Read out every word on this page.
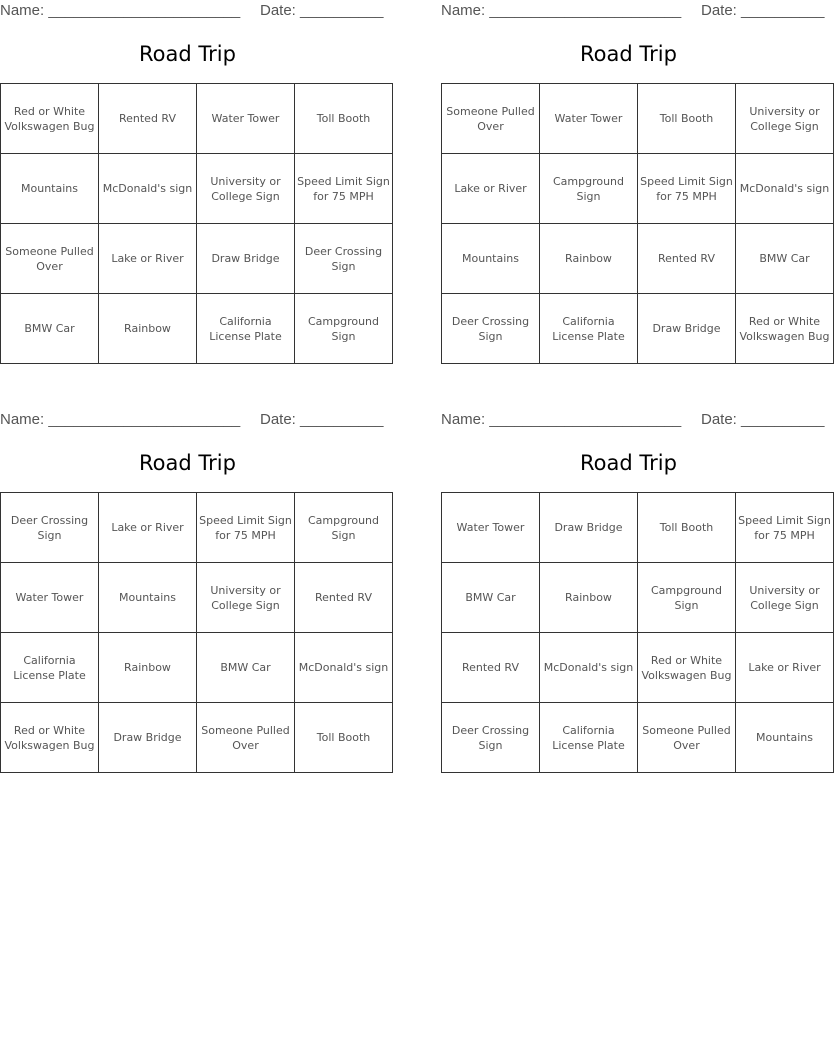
Name: _______________________ Date: __________
Road Trip
Red or White Volkswagen Bug	Rented RV	Water Tower	Toll Booth
Mountains	McDonald's sign	University or College Sign	Speed Limit Sign for 75 MPH
Someone Pulled Over	Lake or River	Draw Bridge	Deer Crossing Sign
BMW Car	Rainbow	California License Plate	Campground Sign
Name: _______________________ Date: __________
Road Trip
Someone Pulled Over	Water Tower	Toll Booth	University or College Sign
Lake or River	Campground Sign	Speed Limit Sign for 75 MPH	McDonald's sign
Mountains	Rainbow	Rented RV	BMW Car
Deer Crossing Sign	California License Plate	Draw Bridge	Red or White Volkswagen Bug
Name: _______________________ Date: __________
Road Trip
Deer Crossing Sign	Lake or River	Speed Limit Sign for 75 MPH	Campground Sign
Water Tower	Mountains	University or College Sign	Rented RV
California License Plate	Rainbow	BMW Car	McDonald's sign
Red or White Volkswagen Bug	Draw Bridge	Someone Pulled Over	Toll Booth
Name: _______________________ Date: __________
Road Trip
Water Tower	Draw Bridge	Toll Booth	Speed Limit Sign for 75 MPH
BMW Car	Rainbow	Campground Sign	University or College Sign
Rented RV	McDonald's sign	Red or White Volkswagen Bug	Lake or River
Deer Crossing Sign	California License Plate	Someone Pulled Over	Mountains
